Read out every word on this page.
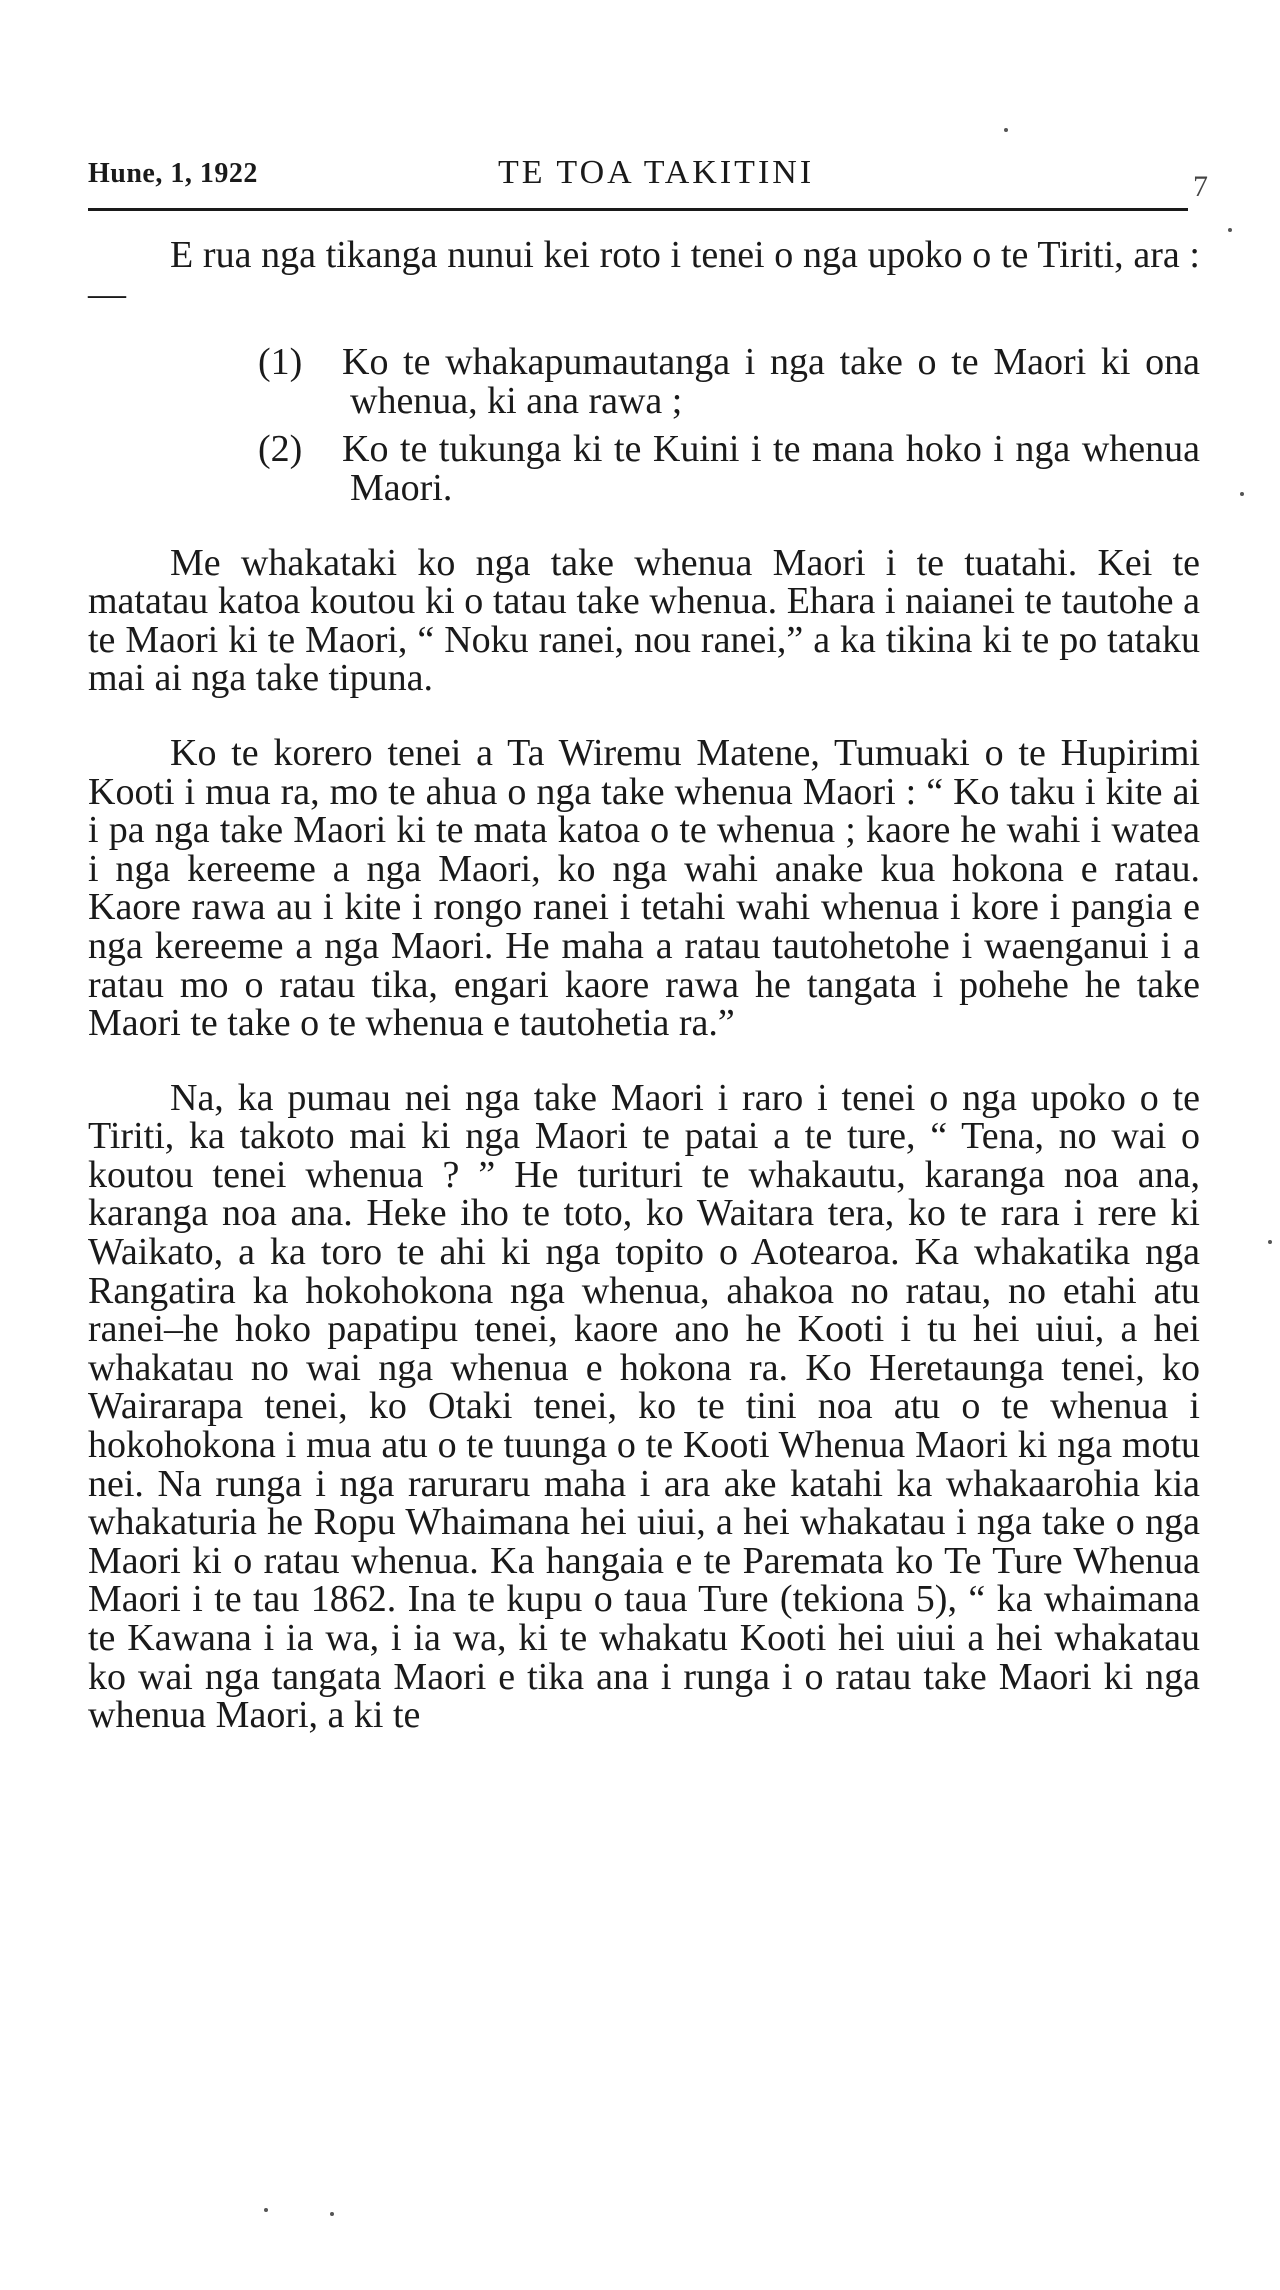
Hune, 1, 1922	TE TOA TAKITINI	7

E rua nga tikanga nunui kei roto i tenei o nga upoko o te Tiriti, ara :—

(1) Ko te whakapumautanga i nga take o te Maori ki ona whenua, ki ana rawa ;
(2) Ko te tukunga ki te Kuini i te mana hoko i nga whenua Maori.

Me whakataki ko nga take whenua Maori i te tuatahi. Kei te matatau katoa koutou ki o tatau take whenua. Ehara i naianei te tautohe a te Maori ki te Maori, “ Noku ranei, nou ranei,” a ka tikina ki te po tataku mai ai nga take tipuna.

Ko te korero tenei a Ta Wiremu Matene, Tumuaki o te Hupirimi Kooti i mua ra, mo te ahua o nga take whenua Maori : “ Ko taku i kite ai i pa nga take Maori ki te mata katoa o te whenua ; kaore he wahi i watea i nga kereeme a nga Maori, ko nga wahi anake kua hokona e ratau. Kaore rawa au i kite i rongo ranei i tetahi wahi whenua i kore i pangia e nga kereeme a nga Maori. He maha a ratau tautohetohe i waenganui i a ratau mo o ratau tika, engari kaore rawa he tangata i pohehe he take Maori te take o te whenua e tautohetia ra.”

Na, ka pumau nei nga take Maori i raro i tenei o nga upoko o te Tiriti, ka takoto mai ki nga Maori te patai a te ture, “ Tena, no wai o koutou tenei whenua ? ” He turituri te whakautu, karanga noa ana, karanga noa ana. Heke iho te toto, ko Waitara tera, ko te rara i rere ki Waikato, a ka toro te ahi ki nga topito o Aotearoa. Ka whakatika nga Rangatira ka hokohokona nga whenua, ahakoa no ratau, no etahi atu ranei–he hoko papatipu tenei, kaore ano he Kooti i tu hei uiui, a hei whakatau no wai nga whenua e hokona ra. Ko Heretaunga tenei, ko Wairarapa tenei, ko Otaki tenei, ko te tini noa atu o te whenua i hokohokona i mua atu o te tuunga o te Kooti Whenua Maori ki nga motu nei. Na runga i nga raruraru maha i ara ake katahi ka whakaarohia kia whakaturia he Ropu Whaimana hei uiui, a hei whakatau i nga take o nga Maori ki o ratau whenua. Ka hangaia e te Paremata ko Te Ture Whenua Maori i te tau 1862. Ina te kupu o taua Ture (tekiona 5), “ ka whaimana te Kawana i ia wa, i ia wa, ki te whakatu Kooti hei uiui a hei whakatau ko wai nga tangata Maori e tika ana i runga i o ratau take Maori ki nga whenua Maori, a ki te
